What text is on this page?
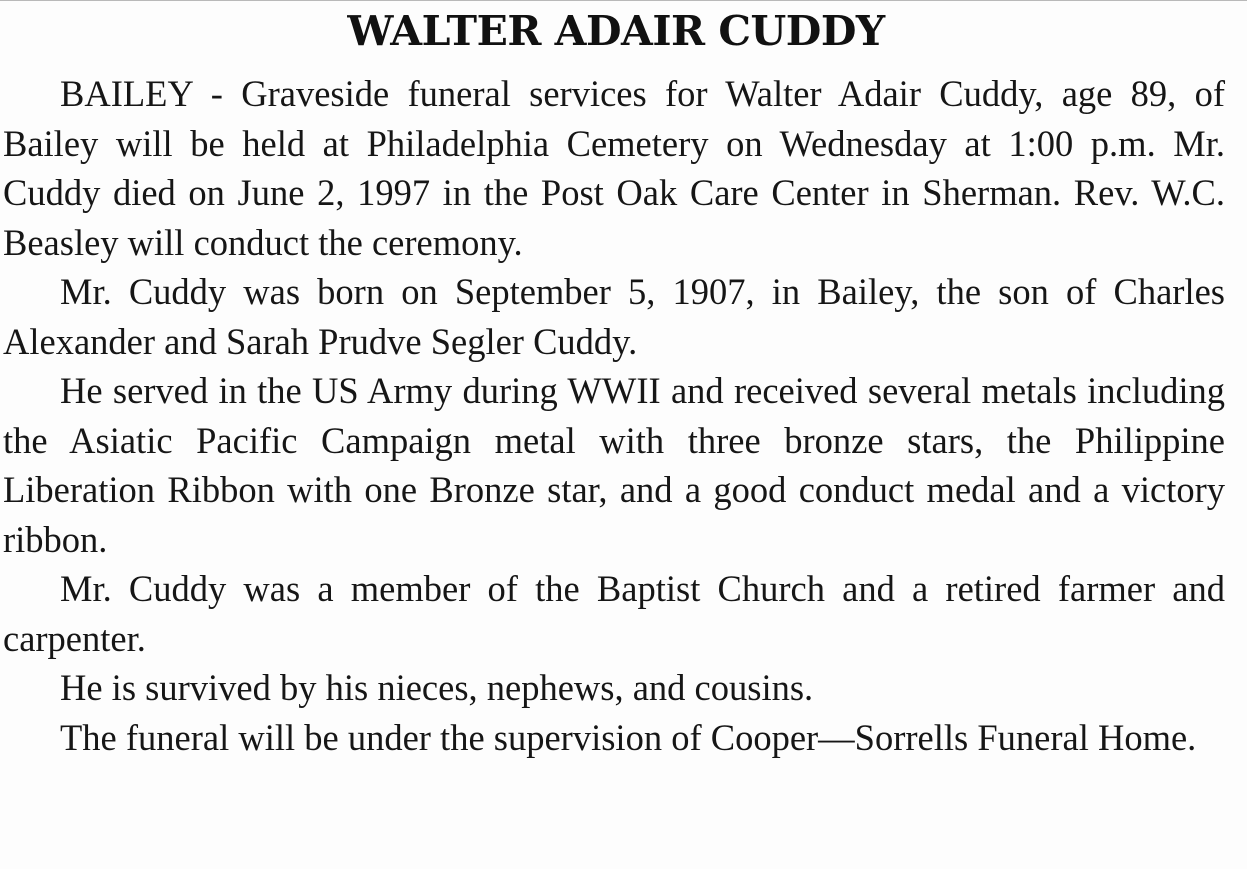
WALTER ADAIR CUDDY

BAILEY - Graveside funeral services for Walter Adair Cuddy, age 89, of Bailey will be held at Philadelphia Cemetery on Wednesday at 1:00 p.m. Mr. Cuddy died on June 2, 1997 in the Post Oak Care Center in Sherman. Rev. W.C. Beasley will conduct the ceremony.

Mr. Cuddy was born on September 5, 1907, in Bailey, the son of Charles Alexander and Sarah Prudve Segler Cuddy.

He served in the US Army during WWII and received several metals including the Asiatic Pacific Campaign metal with three bronze stars, the Philippine Liberation Ribbon with one Bronze star, and a good conduct medal and a victory ribbon.

Mr. Cuddy was a member of the Baptist Church and a retired farmer and carpenter.

He is survived by his nieces, nephews, and cousins.

The funeral will be under the supervision of Cooper—Sorrells Funeral Home.
